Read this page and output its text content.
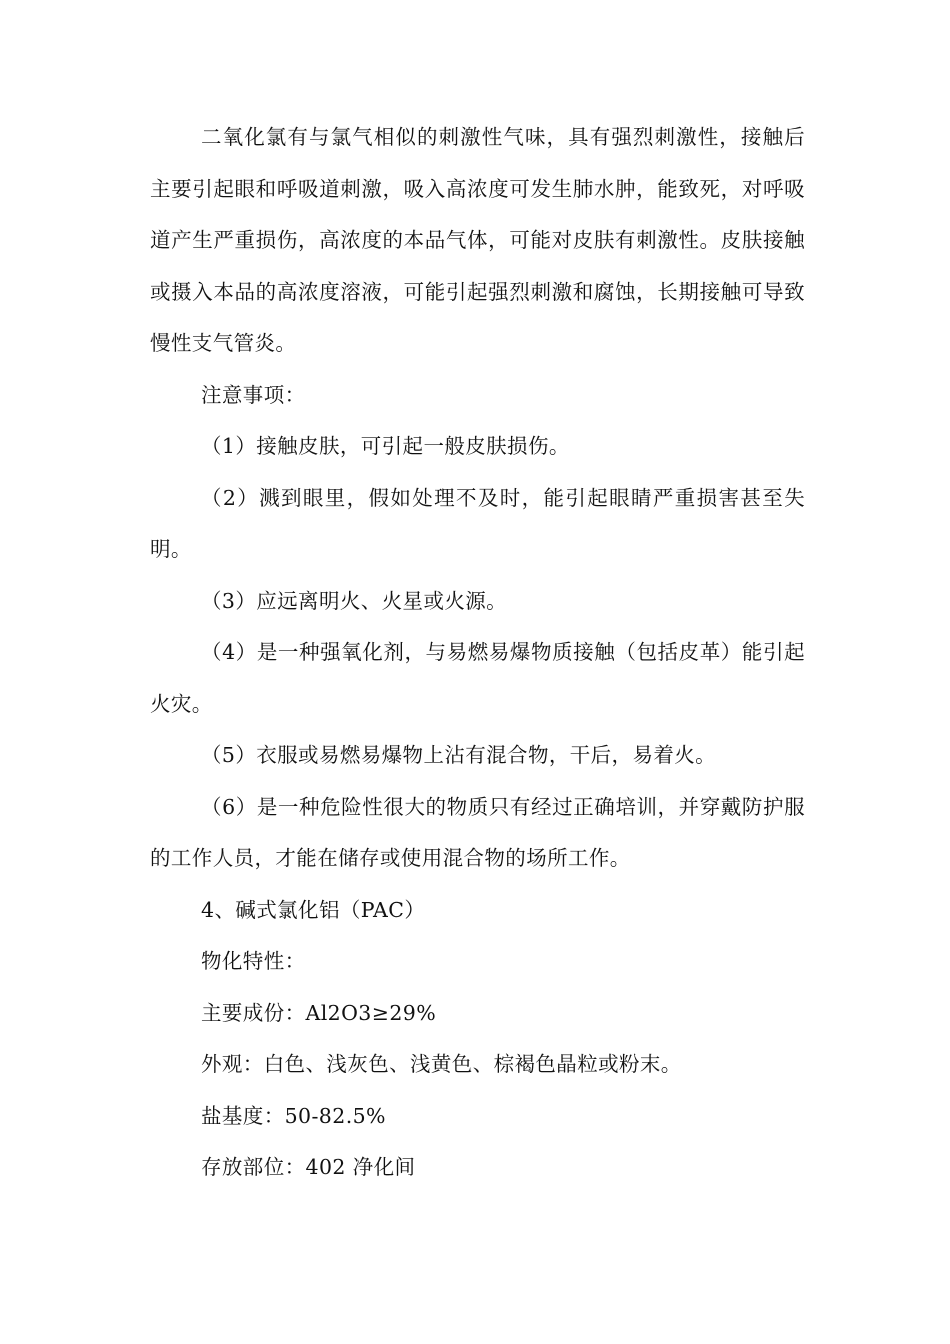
二氧化氯有与氯气相似的刺激性气味，具有强烈刺激性，接触后主要引起眼和呼吸道刺激，吸入高浓度可发生肺水肿，能致死，对呼吸道产生严重损伤，高浓度的本品气体，可能对皮肤有刺激性。皮肤接触或摄入本品的高浓度溶液，可能引起强烈刺激和腐蚀，长期接触可导致慢性支气管炎。

注意事项：

（1）接触皮肤，可引起一般皮肤损伤。

（2）溅到眼里，假如处理不及时，能引起眼睛严重损害甚至失明。

（3）应远离明火、火星或火源。

（4）是一种强氧化剂，与易燃易爆物质接触（包括皮革）能引起火灾。

（5）衣服或易燃易爆物上沾有混合物，干后，易着火。

（6）是一种危险性很大的物质只有经过正确培训，并穿戴防护服的工作人员，才能在储存或使用混合物的场所工作。

4、碱式氯化铝（PAC）

物化特性：

主要成份：Al2O3≥29%

外观：白色、浅灰色、浅黄色、棕褐色晶粒或粉末。

盐基度：50-82.5%

存放部位：402 净化间
